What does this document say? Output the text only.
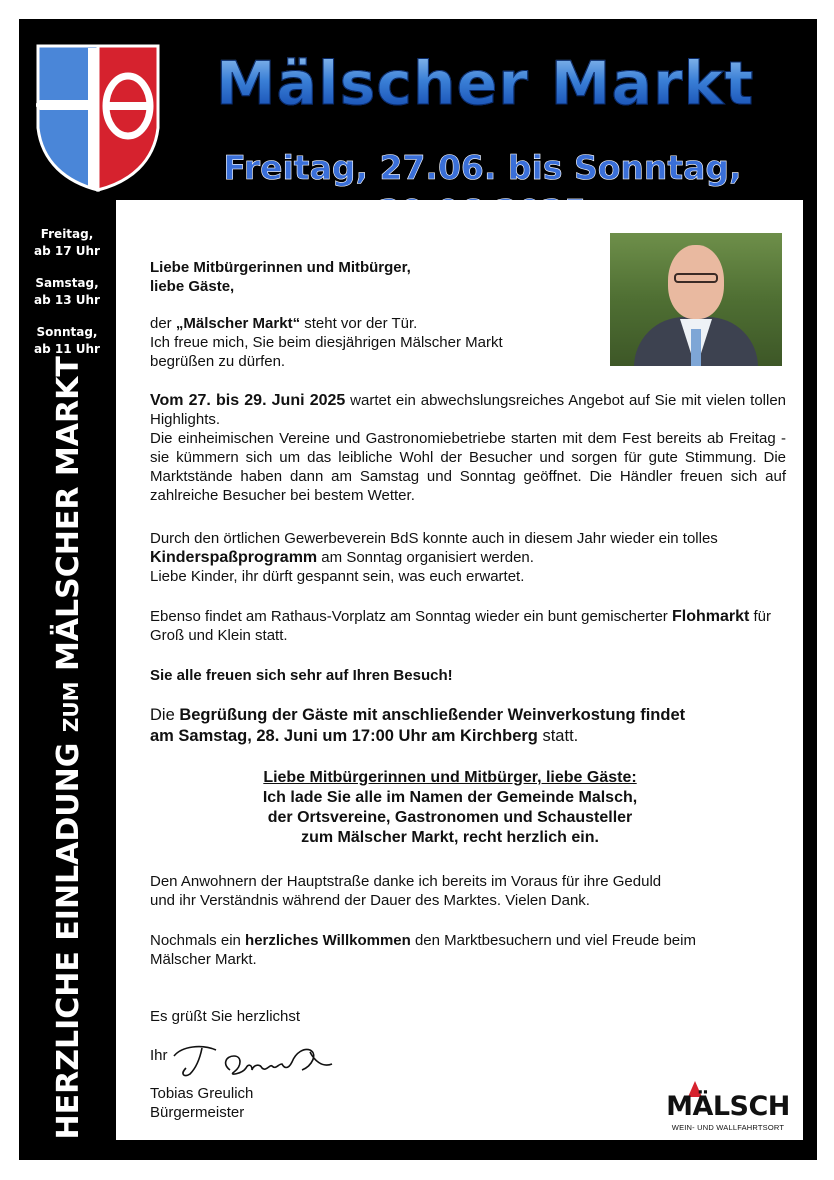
Mälscher Markt
Freitag, 27.06. bis Sonntag,
Freitag,
ab 17 Uhr
Samstag,
ab 13 Uhr
Sonntag,
ab 11 Uhr
HERZLICHE EINLADUNG ZUM MÄLSCHER MARKT

Liebe Mitbürgerinnen und Mitbürger,
liebe Gäste,

der „Mälscher Markt“ steht vor der Tür.
Ich freue mich, Sie beim diesjährigen Mälscher Markt begrüßen zu dürfen.

Vom 27. bis 29. Juni 2025 wartet ein abwechslungsreiches Angebot auf Sie mit vielen tollen Highlights.
Die einheimischen Vereine und Gastronomiebetriebe starten mit dem Fest bereits ab Freitag - sie kümmern sich um das leibliche Wohl der Besucher und sorgen für gute Stimmung. Die Marktstände haben dann am Samstag und Sonntag geöffnet. Die Händler freuen sich auf zahlreiche Besucher bei bestem Wetter.

Durch den örtlichen Gewerbeverein BdS konnte auch in diesem Jahr wieder ein tolles Kinderspaßprogramm am Sonntag organisiert werden.
Liebe Kinder, ihr dürft gespannt sein, was euch erwartet.

Ebenso findet am Rathaus-Vorplatz am Sonntag wieder ein bunt gemischerter Flohmarkt für Groß und Klein statt.

Sie alle freuen sich sehr auf Ihren Besuch!

Die Begrüßung der Gäste mit anschließender Weinverkostung findet
am Samstag, 28. Juni um 17:00 Uhr am Kirchberg statt.

Liebe Mitbürgerinnen und Mitbürger, liebe Gäste:
Ich lade Sie alle im Namen der Gemeinde Malsch,
der Ortsvereine, Gastronomen und Schausteller
zum Mälscher Markt, recht herzlich ein.

Den Anwohnern der Hauptstraße danke ich bereits im Voraus für ihre Geduld
und ihr Verständnis während der Dauer des Marktes. Vielen Dank.

Nochmals ein herzliches Willkommen den Marktbesuchern und viel Freude beim
Mälscher Markt.

Es grüßt Sie herzlichst

Ihr

Tobias Greulich
Bürgermeister	MÄLSCH
WEIN- UND WALLFAHRTSORT
